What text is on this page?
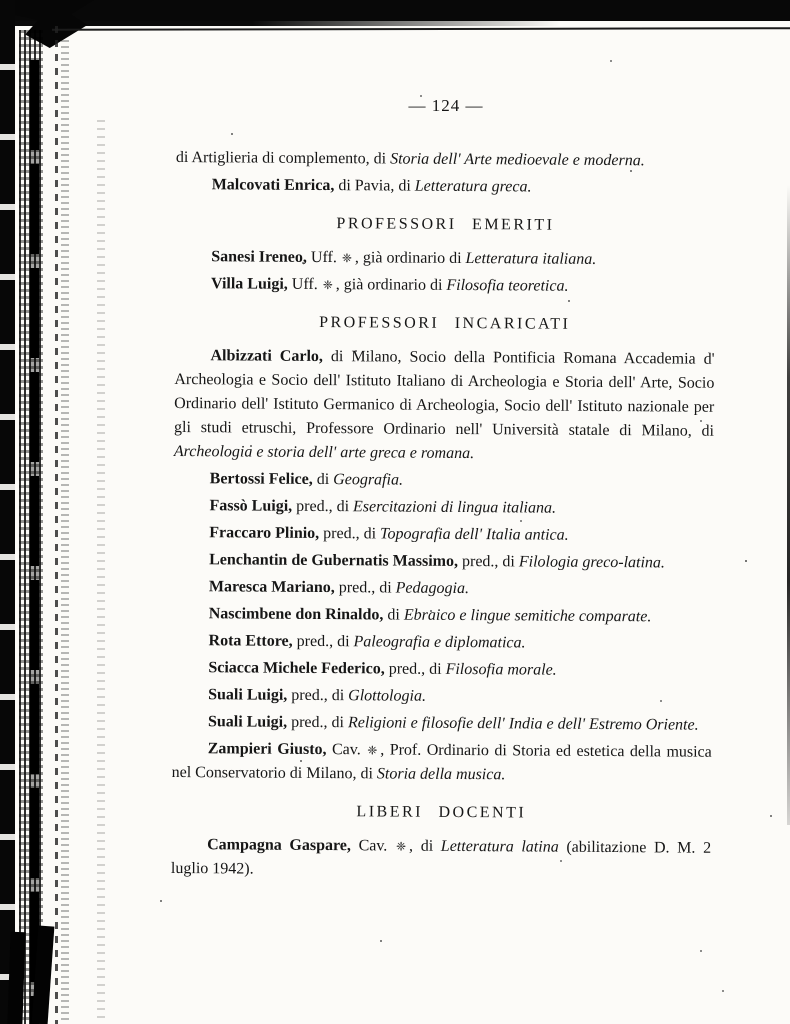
— 124 —

di Artiglieria di complemento, di Storia dell' Arte medioevale e moderna.

Malcovati Enrica, di Pavia, di Letteratura greca.

PROFESSORI EMERITI

Sanesi Ireneo, Uff. ❈ , già ordinario di Letteratura italiana.

Villa Luigi, Uff. ❈ , già ordinario di Filosofia teoretica.

PROFESSORI INCARICATI

Albizzati Carlo, di Milano, Socio della Pontificia Romana Accademia d' Archeologia e Socio dell' Istituto Italiano di Archeologia e Storia dell' Arte, Socio Ordinario dell' Istituto Germanico di Archeologia, Socio dell' Istituto nazionale per gli studi etruschi, Professore Ordinario nell' Università statale di Milano, di Archeologia e storia dell' arte greca e romana.

Bertossi Felice, di Geografia.

Fassò Luigi, pred., di Esercitazioni di lingua italiana.

Fraccaro Plinio, pred., di Topografia dell' Italia antica.

Lenchantin de Gubernatis Massimo, pred., di Filologia greco-latina.

Maresca Mariano, pred., di Pedagogia.

Nascimbene don Rinaldo, di Ebraico e lingue semitiche comparate.

Rota Ettore, pred., di Paleografia e diplomatica.

Sciacca Michele Federico, pred., di Filosofia morale.

Suali Luigi, pred., di Glottologia.

Suali Luigi, pred., di Religioni e filosofie dell' India e dell' Estremo Oriente.

Zampieri Giusto, Cav. ❈ , Prof. Ordinario di Storia ed estetica della musica nel Conservatorio di Milano, di Storia della musica.

LIBERI DOCENTI

Campagna Gaspare, Cav. ❈ , di Letteratura latina (abilitazione D. M. 2 luglio 1942).
